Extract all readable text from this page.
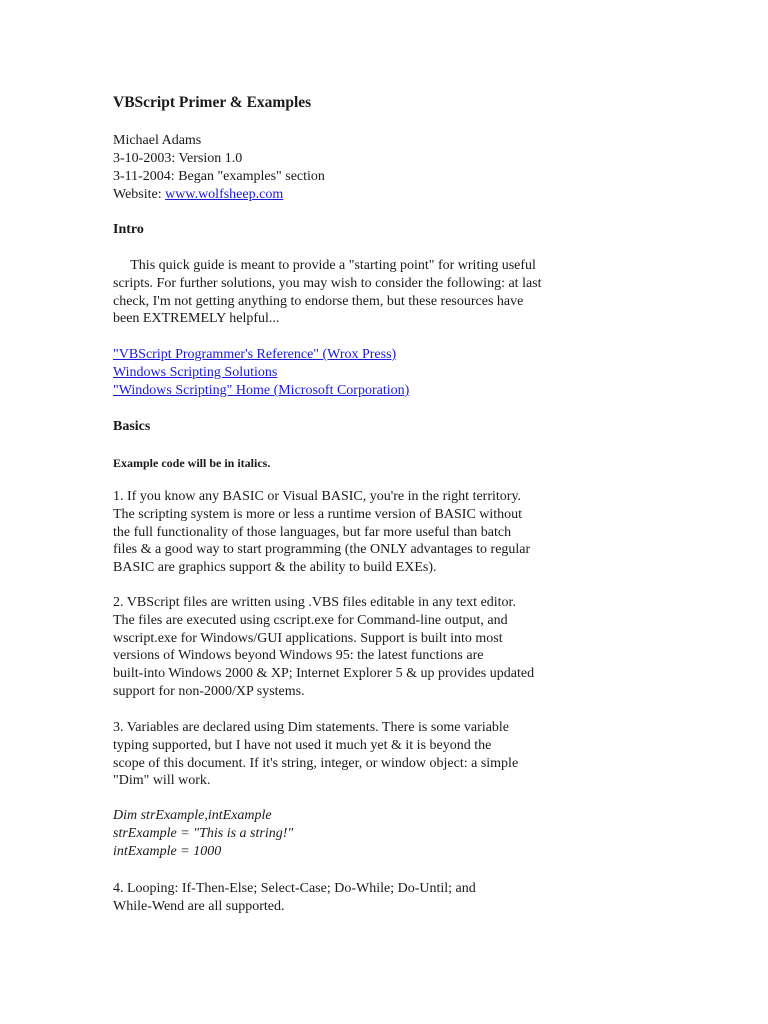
VBScript Primer & Examples
Michael Adams
3-10-2003: Version 1.0
3-11-2004: Began "examples" section
Website: www.wolfsheep.com
Intro

This quick guide is meant to provide a "starting point" for writing useful
scripts. For further solutions, you may wish to consider the following: at last
check, I'm not getting anything to endorse them, but these resources have
been EXTREMELY helpful...

"VBScript Programmer's Reference" (Wrox Press)
Windows Scripting Solutions
"Windows Scripting" Home (Microsoft Corporation)
Basics
Example code will be in italics.

1. If you know any BASIC or Visual BASIC, you're in the right territory.
The scripting system is more or less a runtime version of BASIC without
the full functionality of those languages, but far more useful than batch
files & a good way to start programming (the ONLY advantages to regular
BASIC are graphics support & the ability to build EXEs).

2. VBScript files are written using .VBS files editable in any text editor.
The files are executed using cscript.exe for Command-line output, and
wscript.exe for Windows/GUI applications. Support is built into most
versions of Windows beyond Windows 95: the latest functions are
built-into Windows 2000 & XP; Internet Explorer 5 & up provides updated
support for non-2000/XP systems.

3. Variables are declared using Dim statements. There is some variable
typing supported, but I have not used it much yet & it is beyond the
scope of this document. If it's string, integer, or window object: a simple
"Dim" will work.

Dim strExample,intExample
strExample = "This is a string!"
intExample = 1000

4. Looping: If-Then-Else; Select-Case; Do-While; Do-Until; and
While-Wend are all supported.
